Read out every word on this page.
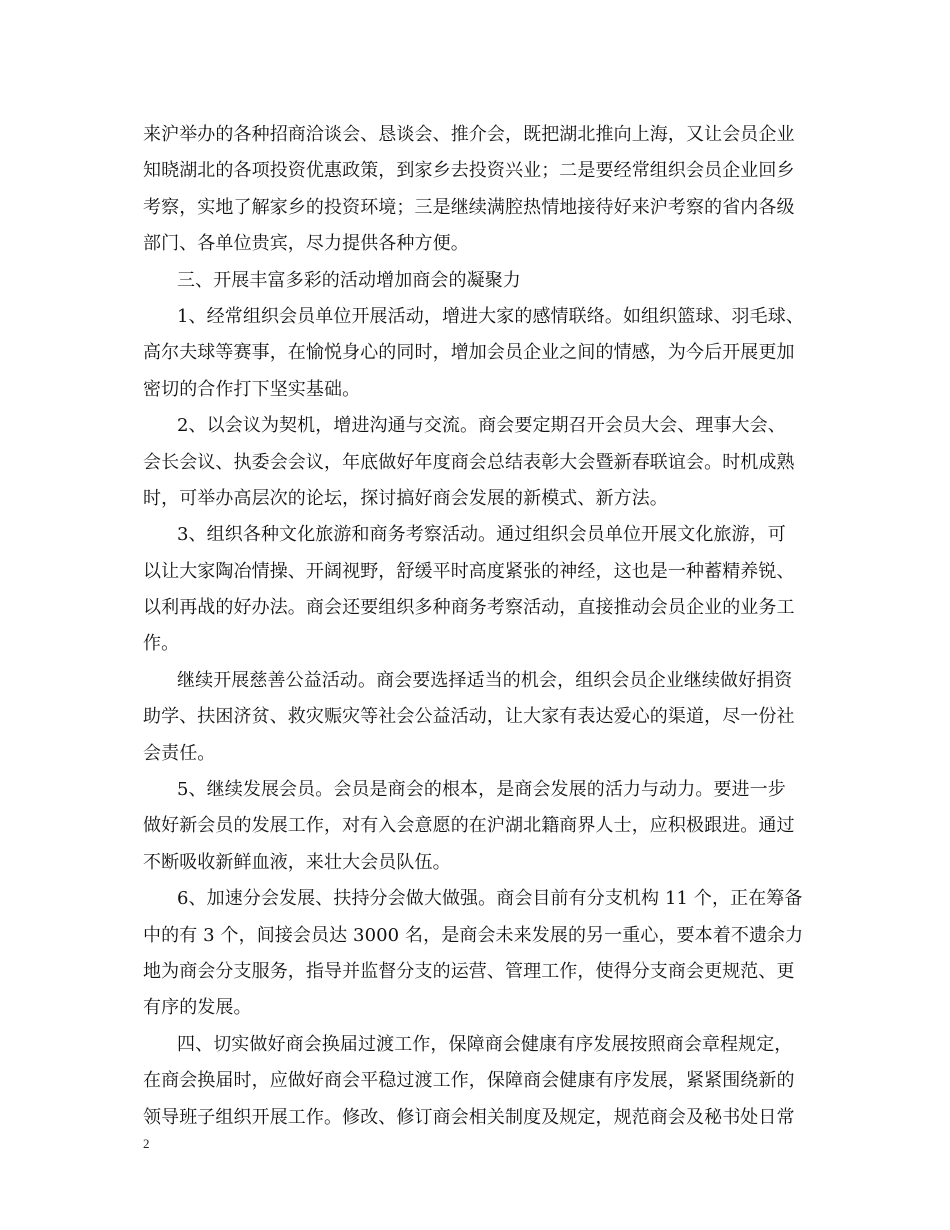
来沪举办的各种招商洽谈会、恳谈会、推介会，既把湖北推向上海，又让会员企业
知晓湖北的各项投资优惠政策，到家乡去投资兴业；二是要经常组织会员企业回乡
考察，实地了解家乡的投资环境；三是继续满腔热情地接待好来沪考察的省内各级
部门、各单位贵宾，尽力提供各种方便。
三、开展丰富多彩的活动增加商会的凝聚力
1、经常组织会员单位开展活动，增进大家的感情联络。如组织篮球、羽毛球、
高尔夫球等赛事，在愉悦身心的同时，增加会员企业之间的情感，为今后开展更加
密切的合作打下坚实基础。
2、以会议为契机，增进沟通与交流。商会要定期召开会员大会、理事大会、
会长会议、执委会会议，年底做好年度商会总结表彰大会暨新春联谊会。时机成熟
时，可举办高层次的论坛，探讨搞好商会发展的新模式、新方法。
3、组织各种文化旅游和商务考察活动。通过组织会员单位开展文化旅游，可
以让大家陶冶情操、开阔视野，舒缓平时高度紧张的神经，这也是一种蓄精养锐、
以利再战的好办法。商会还要组织多种商务考察活动，直接推动会员企业的业务工
作。
继续开展慈善公益活动。商会要选择适当的机会，组织会员企业继续做好捐资
助学、扶困济贫、救灾赈灾等社会公益活动，让大家有表达爱心的渠道，尽一份社
会责任。
5、继续发展会员。会员是商会的根本，是商会发展的活力与动力。要进一步
做好新会员的发展工作，对有入会意愿的在沪湖北籍商界人士，应积极跟进。通过
不断吸收新鲜血液，来壮大会员队伍。
6、加速分会发展、扶持分会做大做强。商会目前有分支机构 11 个，正在筹备
中的有 3 个，间接会员达 3000 名，是商会未来发展的另一重心，要本着不遗余力
地为商会分支服务，指导并监督分支的运营、管理工作，使得分支商会更规范、更
有序的发展。
四、切实做好商会换届过渡工作，保障商会健康有序发展按照商会章程规定，
在商会换届时，应做好商会平稳过渡工作，保障商会健康有序发展，紧紧围绕新的
领导班子组织开展工作。修改、修订商会相关制度及规定，规范商会及秘书处日常
2
